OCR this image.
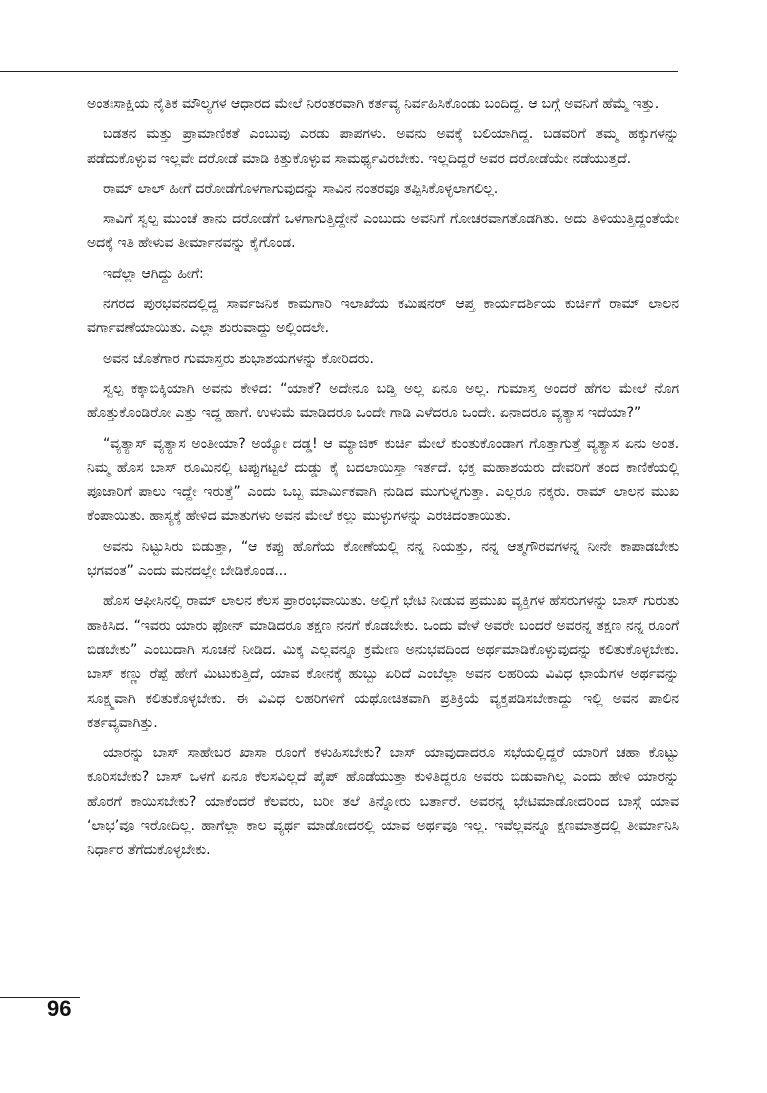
ಅಂತಃಸಾಕ್ಷಿಯ ನೈತಿಕ ಮೌಲ್ಯಗಳ ಆಧಾರದ ಮೇಲೆ ನಿರಂತರವಾಗಿ ಕರ್ತವ್ಯ ನಿರ್ವಹಿಸಿಕೊಂಡು ಬಂದಿದ್ದ. ಆ ಬಗ್ಗೆ ಅವನಿಗೆ ಹೆಮ್ಮೆ ಇತ್ತು.

ಬಡತನ ಮತ್ತು ಪ್ರಾಮಾಣಿಕತೆ ಎಂಬುವು ಎರಡು ಪಾಪಗಳು. ಅವನು ಅವಕ್ಕೆ ಬಲಿಯಾಗಿದ್ದ. ಬಡವರಿಗೆ ತಮ್ಮ ಹಕ್ಕುಗಳನ್ನು ಪಡೆದುಕೊಳ್ಳುವ ಇಲ್ಲವೇ ದರೋಡೆ ಮಾಡಿ ಕಿತ್ತುಕೊಳ್ಳುವ ಸಾಮರ್ಥ್ಯವಿರಬೇಕು. ಇಲ್ಲದಿದ್ದರೆ ಅವರ ದರೋಡೆಯೇ ನಡೆಯುತ್ತದೆ.

ರಾಮ್ ಲಾಲ್ ಹೀಗೆ ದರೋಡೆಗೊಳಗಾಗುವುದನ್ನು ಸಾವಿನ ನಂತರವೂ ತಪ್ಪಿಸಿಕೊಳ್ಳಲಾಗಲಿಲ್ಲ.

ಸಾವಿಗೆ ಸ್ವಲ್ಪ ಮುಂಚೆ ತಾನು ದರೋಡೆಗೆ ಒಳಗಾಗುತ್ತಿದ್ದೇನೆ ಎಂಬುದು ಅವನಿಗೆ ಗೋಚರವಾಗತೊಡಗಿತು. ಅದು ತಿಳಿಯುತ್ತಿದ್ದಂತೆಯೇ ಅದಕ್ಕೆ ಇತಿ ಹೇಳುವ ತೀರ್ಮಾನವನ್ನು ಕೈಗೊಂಡ.

ಇದೆಲ್ಲಾ ಆಗಿದ್ದು ಹೀಗೆ:

ನಗರದ ಪುರಭವನದಲ್ಲಿದ್ದ ಸಾರ್ವಜನಿಕ ಕಾಮಗಾರಿ ಇಲಾಖೆಯ ಕಮಿಷನರ್ ಆಪ್ತ ಕಾರ್ಯದರ್ಶಿಯ ಕುರ್ಚಿಗೆ ರಾಮ್ ಲಾಲನ ವರ್ಗಾವಣೆಯಾಯಿತು. ಎಲ್ಲಾ ಶುರುವಾದ್ದು ಅಲ್ಲಿಂದಲೇ.

ಅವನ ಜೊತೆಗಾರ ಗುಮಾಸ್ತರು ಶುಭಾಶಯಗಳನ್ನು ಕೋರಿದರು.

ಸ್ವಲ್ಪ ಕಕ್ಕಾಬಿಕ್ಕಿಯಾಗಿ ಅವನು ಕೇಳಿದ: “ಯಾಕೆ? ಅದೇನೂ ಬಡ್ತಿ ಅಲ್ಲ ಏನೂ ಅಲ್ಲ. ಗುಮಾಸ್ತ ಅಂದರೆ ಹೆಗಲ ಮೇಲೆ ನೊಗ ಹೊತ್ತುಕೊಂಡಿರೋ ಎತ್ತು ಇದ್ದ ಹಾಗೆ. ಉಳುಮೆ ಮಾಡಿದರೂ ಒಂದೇ ಗಾಡಿ ಎಳೆದರೂ ಒಂದೇ. ಏನಾದರೂ ವ್ಯತ್ಯಾಸ ಇದೆಯಾ?”

“ವ್ಯತ್ಯಾಸ್ ವ್ಯತ್ಯಾಸ ಅಂತೀಯಾ? ಅಯ್ಯೋ ದಡ್ಡ! ಆ ಮ್ಯಾಜಿಕ್ ಕುರ್ಚಿ ಮೇಲೆ ಕುಂತುಕೊಂಡಾಗ ಗೊತ್ತಾಗುತ್ತೆ ವ್ಯತ್ಯಾಸ ಏನು ಅಂತ. ನಿಮ್ಮ ಹೊಸ ಬಾಸ್ ರೂಮಿನಲ್ಲಿ ಟಪ್ಪುಗಟ್ಟಲೆ ದುಡ್ಡು ಕೈ ಬದಲಾಯಿಸ್ತಾ ಇರ್ತದೆ. ಭಕ್ತ ಮಹಾಶಯರು ದೇವರಿಗೆ ತಂದ ಕಾಣಿಕೆಯಲ್ಲಿ ಪೂಜಾರಿಗೆ ಪಾಲು ಇದ್ದೇ ಇರುತ್ತೆ” ಎಂದು ಒಬ್ಬ ಮಾರ್ಮಿಕವಾಗಿ ನುಡಿದ ಮುಗುಳ್ನಗುತ್ತಾ. ಎಲ್ಲರೂ ನಕ್ಕರು. ರಾಮ್ ಲಾಲನ ಮುಖ ಕೆಂಪಾಯಿತು. ಹಾಸ್ಯಕ್ಕೆ ಹೇಳಿದ ಮಾತುಗಳು ಅವನ ಮೇಲೆ ಕಲ್ಲು ಮುಳ್ಳುಗಳನ್ನು ಎರಚಿದಂತಾಯಿತು.

ಅವನು ನಿಟ್ಟುಸಿರು ಬಿಡುತ್ತಾ, “ಆ ಕಪ್ಪು ಹೊಗೆಯ ಕೋಣೆಯಲ್ಲಿ ನನ್ನ ನಿಯತ್ತು, ನನ್ನ ಆತ್ಮಗೌರವಗಳನ್ನ ನೀನೇ ಕಾಪಾಡಬೇಕು ಭಗವಂತ” ಎಂದು ಮನದಲ್ಲೇ ಬೇಡಿಕೊಂಡ...

ಹೊಸ ಆಫೀಸಿನಲ್ಲಿ ರಾಮ್ ಲಾಲನ ಕೆಲಸ ಪ್ರಾರಂಭವಾಯಿತು. ಅಲ್ಲಿಗೆ ಭೇಟಿ ನೀಡುವ ಪ್ರಮುಖ ವ್ಯಕ್ತಿಗಳ ಹೆಸರುಗಳನ್ನು ಬಾಸ್ ಗುರುತು ಹಾಕಿಸಿದ. “ಇವರು ಯಾರು ಫೋನ್ ಮಾಡಿದರೂ ತಕ್ಷಣ ನನಗೆ ಕೊಡಬೇಕು. ಒಂದು ವೇಳೆ ಅವರೇ ಬಂದರೆ ಅವರನ್ನ ತಕ್ಷಣ ನನ್ನ ರೂಂಗೆ ಬಿಡಬೇಕು” ಎಂಬುದಾಗಿ ಸೂಚನೆ ನೀಡಿದ. ಮಿಕ್ಕ ಎಲ್ಲವನ್ನೂ ಕ್ರಮೇಣ ಅನುಭವದಿಂದ ಅರ್ಥಮಾಡಿಕೊಳ್ಳುವುದನ್ನು ಕಲಿತುಕೊಳ್ಳಬೇಕು. ಬಾಸ್ ಕಣ್ಣು ರೆಪ್ಪೆ ಹೇಗೆ ಮಿಟುಕುತ್ತಿದೆ, ಯಾವ ಕೋನಕ್ಕೆ ಹುಬ್ಬು ಏರಿದೆ ಎಂಬೆಲ್ಲಾ ಅವನ ಲಹರಿಯ ವಿವಿಧ ಛಾಯೆಗಳ ಅರ್ಥವನ್ನು ಸೂಕ್ಷ್ಮವಾಗಿ ಕಲಿತುಕೊಳ್ಳಬೇಕು. ಈ ವಿವಿಧ ಲಹರಿಗಳಿಗೆ ಯಥೋಚಿತವಾಗಿ ಪ್ರತಿಕ್ರಿಯೆ ವ್ಯಕ್ತಪಡಿಸಬೇಕಾದ್ದು ಇಲ್ಲಿ ಅವನ ಪಾಲಿನ ಕರ್ತವ್ಯವಾಗಿತ್ತು.

ಯಾರನ್ನು ಬಾಸ್ ಸಾಹೇಬರ ಖಾಸಾ ರೂಂಗೆ ಕಳುಹಿಸಬೇಕು? ಬಾಸ್ ಯಾವುದಾದರೂ ಸಭೆಯಲ್ಲಿದ್ದರೆ ಯಾರಿಗೆ ಚಹಾ ಕೊಟ್ಟು ಕೂರಿಸಬೇಕು? ಬಾಸ್ ಒಳಗೆ ಏನೂ ಕೆಲಸವಿಲ್ಲದೆ ಪೈಪ್ ಹೊಡೆಯುತ್ತಾ ಕುಳಿತಿದ್ದರೂ ಅವರು ಬಿಡುವಾಗಿಲ್ಲ ಎಂದು ಹೇಳಿ ಯಾರನ್ನು ಹೊರಗೆ ಕಾಯಿಸಬೇಕು? ಯಾಕೆಂದರೆ ಕೆಲವರು, ಬರೀ ತಲೆ ತಿನ್ನೋರು ಬರ್ತಾರೆ. ಅವರನ್ನ ಭೇಟಿಮಾಡೋದರಿಂದ ಬಾಸ್ಗೆ ಯಾವ ‘ಲಾಭ’ವೂ ಇರೋದಿಲ್ಲ. ಹಾಗೆಲ್ಲಾ ಕಾಲ ವ್ಯರ್ಥ ಮಾಡೋದರಲ್ಲಿ ಯಾವ ಅರ್ಥವೂ ಇಲ್ಲ. ಇವೆಲ್ಲವನ್ನೂ ಕ್ಷಣಮಾತ್ರದಲ್ಲಿ ತೀರ್ಮಾನಿಸಿ ನಿರ್ಧಾರ ತೆಗೆದುಕೊಳ್ಳಬೇಕು.

96
